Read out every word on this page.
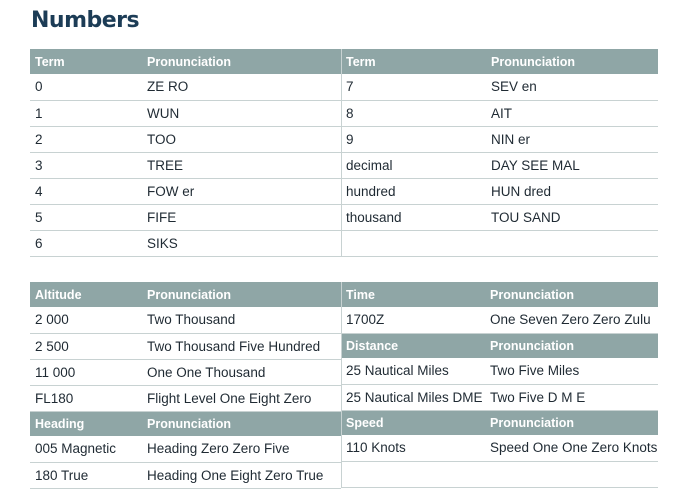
Numbers
Term	Pronunciation
0	ZE RO
1	WUN
2	TOO
3	TREE
4	FOW er
5	FIFE
6	SIKS
Term	Pronunciation
7	SEV en
8	AIT
9	NIN er
decimal	DAY SEE MAL
hundred	HUN dred
thousand	TOU SAND

Altitude	Pronunciation
2 000	Two Thousand
2 500	Two Thousand Five Hundred
11 000	One One Thousand
FL180	Flight Level One Eight Zero
Heading	Pronunciation
005 Magnetic	Heading Zero Zero Five
180 True	Heading One Eight Zero True
Time	Pronunciation
1700Z	One Seven Zero Zero Zulu
Distance	Pronunciation
25 Nautical Miles	Two Five Miles
25 Nautical Miles DME	Two Five D M E
Speed	Pronunciation
110 Knots	Speed One One Zero Knots
